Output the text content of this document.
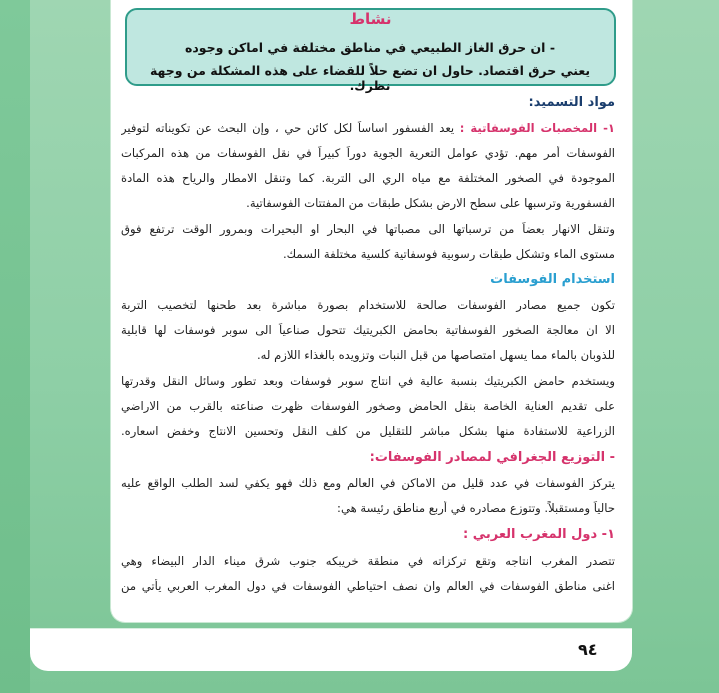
نشاط
- ان حرق الغاز الطبيعي في مناطق مختلفة في اماكن وجوده
يعني حرق اقتصاد. حاول ان تضع حلاً للقضاء على هذه المشكلة من وجهة نظرك.
مواد التسميد:
١- المخصبات الفوسفاتية : يعد الفسفور اساساً لكل كائن حي ، وإن البحث عن تكويناته لتوفير
الفوسفات أمر مهم. تؤدي عوامل التعرية الجوية دوراً كبيراً في نقل الفوسفات من هذه المركبات
الموجودة في الصخور المختلفة مع مياه الري الى التربة. كما وتنقل الامطار والرياح هذه المادة
الفسفورية وترسبها على سطح الارض بشكل طبقات من المفتتات الفوسفاتية.
وتنقل الانهار بعضاً من ترسباتها الى مصباتها في البحار او البحيرات وبمرور الوقت ترتفع فوق
مستوى الماء وتشكل طبقات رسوبية فوسفاتية كلسية مختلفة السمك.
استخدام الفوسفات
تكون جميع مصادر الفوسفات صالحة للاستخدام بصورة مباشرة بعد طحنها لتخصيب التربة
الا ان معالجة الصخور الفوسفاتية بحامض الكبريتيك تتحول صناعياً الى سوبر فوسفات لها قابلية
للذوبان بالماء مما يسهل امتصاصها من قبل النبات وتزويده بالغذاء اللازم له.
ويستخدم حامض الكبريتيك بنسبة عالية في انتاج سوبر فوسفات وبعد تطور وسائل النقل وقدرتها
على تقديم العناية الخاصة بنقل الحامض وصخور الفوسفات ظهرت صناعته بالقرب من الاراضي
الزراعية للاستفادة منها بشكل مباشر للتقليل من كلف النقل وتحسين الانتاج وخفض اسعاره.
- التوزيع الجغرافي لمصادر الفوسفات:
يتركز الفوسفات في عدد قليل من الاماكن في العالم ومع ذلك فهو يكفي لسد الطلب الواقع عليه
حالياً ومستقبلاً. وتتوزع مصادره في أربع مناطق رئيسة هي:
١- دول المغرب العربي :
تتصدر المغرب انتاجه وتقع تركزاته في منطقة خريبكه جنوب شرق ميناء الدار البيضاء وهي
اغنى مناطق الفوسفات في العالم وان نصف احتياطي الفوسفات في دول المغرب العربي يأتي من
٩٤
